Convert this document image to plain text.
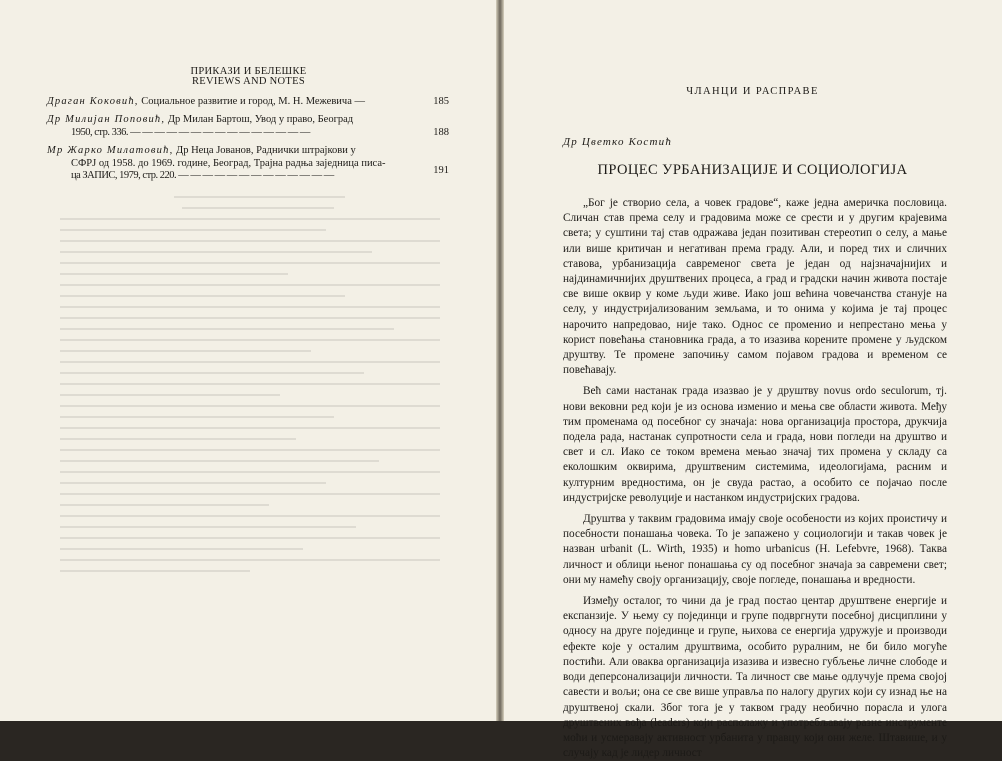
ПРИКАЗИ И БЕЛЕШКЕ
REVIEWS AND NOTES
Драган Коковић, Социальное развитие и город, М. Н. Межевича —	185
Др Милијан Поповић, Др Милан Бартош, Увод у право, Београд
1950, стр. 336. — — — — — — — — — — — — — — —	188
Мр Жарко Милатовић, Др Неца Јованов, Раднички штрајкови у
СФРЈ од 1958. до 1969. године, Београд, Трајна радња заједница писа-
ца ЗАПИС, 1979, стр. 220. — — — — — — — — — — — — —	191
ЧЛАНЦИ И РАСПРАВЕ
Др Цветко Костић
ПРОЦЕС УРБАНИЗАЦИЈЕ И СОЦИОЛОГИЈА

„Бог је створио села, а човек градове“, каже једна америчка пословица. Сличан став према селу и градовима може се срести и у другим крајевима света; у суштини тај став одражава један позитиван стереотип о селу, а мање или више критичан и негативан према граду. Али, и поред тих и сличних ставова, урбанизација савременог света је један од најзначајнијих и најдинамичнијих друштвених процеса, а град и градски начин живота постаје све више оквир у коме људи живе. Иако још већина човечанства станује на селу, у индустријализованим земљама, и то онима у којима је тај процес нарочито напредовао, није тако. Однос се променио и непрестано мења у корист повећања становника града, а то изазива корените промене у људском друштву. Те промене започињу самом појавом градова и временом се повећавају.

Већ сами настанак града изазвао је у друштву novus ordo seculorum, тј. нови вековни ред који је из основа изменио и мења све области живота. Међу тим променама од посебног су значаја: нова организација простора, друкчија подела рада, настанак супротности села и града, нови погледи на друштво и свет и сл. Иако се током времена мењао значај тих промена у складу са еколошким оквирима, друштвеним системима, идеологијама, расним и културним вредностима, он је свуда растао, а особито се појачао после индустријске револуције и настанком индустријских градова.

Друштва у таквим градовима имају своје особености из којих проистичу и посебности понашања човека. То је запажено у социологији и такав човек је назван urbanit (L. Wirth, 1935) и homo urbanicus (H. Lefebvre, 1968). Таква личност и облици њеног понашања су од посебног значаја за савремени свет; они му намећу своју организацију, своје погледе, понашања и вредности.

Између осталог, то чини да је град постао центар друштвене енергије и експанзије. У њему су појединци и групе подвргнути посебној дисциплини у односу на друге појединце и групе, њихова се енергија удружује и производи ефекте које у осталим друштвима, особито руралним, не би било могуће постићи. Али оваква организација изазива и извесно губљење личне слободе и води деперсонализацији личности. Та личност све мање одлучује према својој савести и вољи; она се све више управља по налогу других који су изнад ње на друштвеној скали. Због тога је у таквом граду необично порасла и улога друштвених вођа (leaders) који располажу и употребљавају разне инструменте моћи и усмеравају активност урбанита у правцу који они желе. Штавише, и у случају кад је лидер личност
